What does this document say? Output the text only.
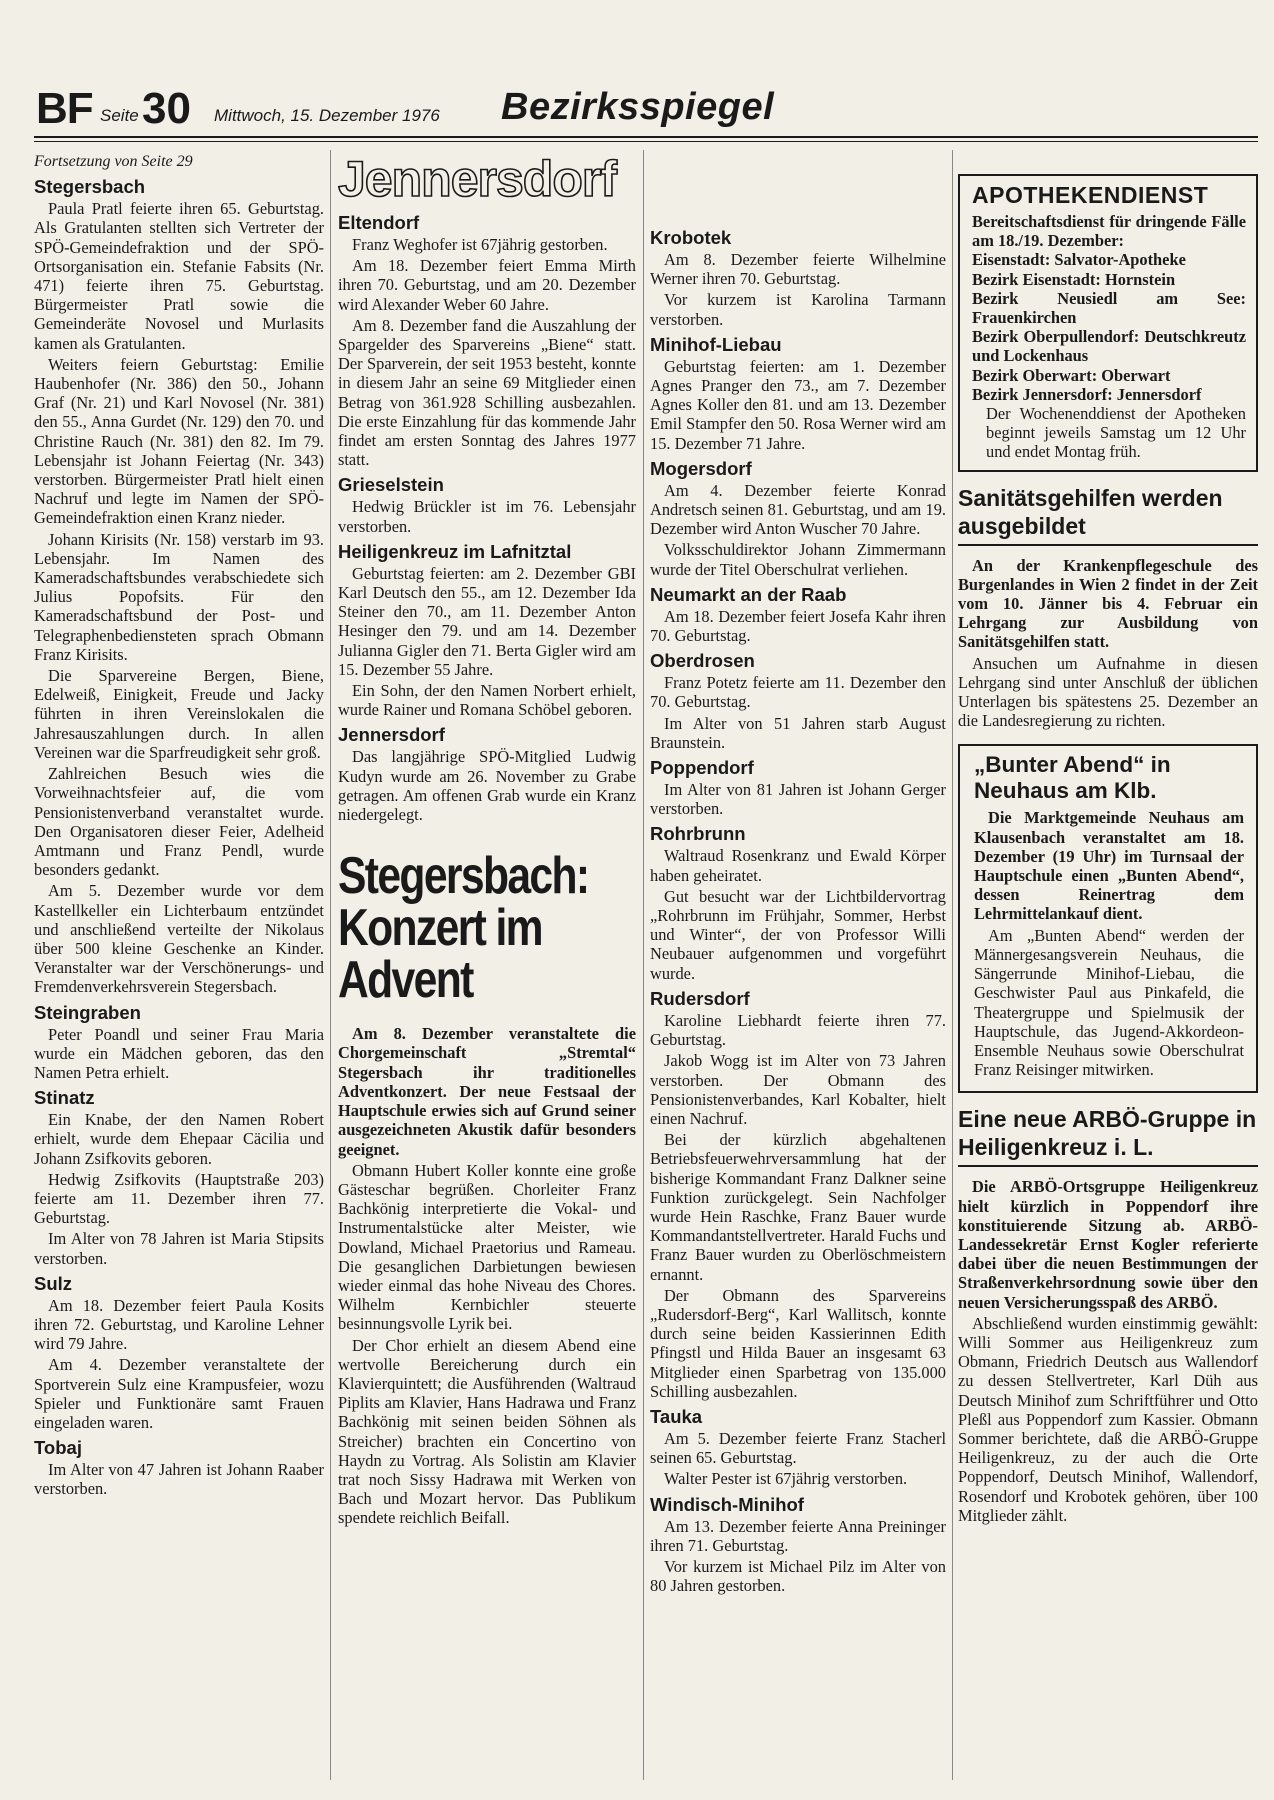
BF Seite 30 Mittwoch, 15. Dezember 1976 Bezirksspiegel
Fortsetzung von Seite 29
Stegersbach

Paula Pratl feierte ihren 65. Geburtstag. Als Gratulanten stellten sich Vertreter der SPÖ-Gemeindefraktion und der SPÖ-Ortsorganisation ein. Stefanie Fabsits (Nr. 471) feierte ihren 75. Geburtstag. Bürgermeister Pratl sowie die Gemeinderäte Novosel und Murlasits kamen als Gratulanten.

Weiters feiern Geburtstag: Emilie Haubenhofer (Nr. 386) den 50., Johann Graf (Nr. 21) und Karl Novosel (Nr. 381) den 55., Anna Gurdet (Nr. 129) den 70. und Christine Rauch (Nr. 381) den 82. Im 79. Lebensjahr ist Johann Feiertag (Nr. 343) verstorben. Bürgermeister Pratl hielt einen Nachruf und legte im Namen der SPÖ-Gemeindefraktion einen Kranz nieder.

Johann Kirisits (Nr. 158) verstarb im 93. Lebensjahr. Im Namen des Kameradschaftsbundes verabschiedete sich Julius Popofsits. Für den Kameradschaftsbund der Post- und Telegraphenbediensteten sprach Obmann Franz Kirisits.

Die Sparvereine Bergen, Biene, Edelweiß, Einigkeit, Freude und Jacky führten in ihren Vereinslokalen die Jahresauszahlungen durch. In allen Vereinen war die Sparfreudigkeit sehr groß.

Zahlreichen Besuch wies die Vorweihnachtsfeier auf, die vom Pensionistenverband veranstaltet wurde. Den Organisatoren dieser Feier, Adelheid Amtmann und Franz Pendl, wurde besonders gedankt.

Am 5. Dezember wurde vor dem Kastellkeller ein Lichterbaum entzündet und anschließend verteilte der Nikolaus über 500 kleine Geschenke an Kinder. Veranstalter war der Verschönerungs- und Fremdenverkehrsverein Stegersbach.

Steingraben

Peter Poandl und seiner Frau Maria wurde ein Mädchen geboren, das den Namen Petra erhielt.

Stinatz

Ein Knabe, der den Namen Robert erhielt, wurde dem Ehepaar Cäcilia und Johann Zsifkovits geboren.

Hedwig Zsifkovits (Hauptstraße 203) feierte am 11. Dezember ihren 77. Geburtstag.

Im Alter von 78 Jahren ist Maria Stipsits verstorben.

Sulz

Am 18. Dezember feiert Paula Kosits ihren 72. Geburtstag, und Karoline Lehner wird 79 Jahre.

Am 4. Dezember veranstaltete der Sportverein Sulz eine Krampusfeier, wozu Spieler und Funktionäre samt Frauen eingeladen waren.

Tobaj

Im Alter von 47 Jahren ist Johann Raaber verstorben.

Jennersdorf
Eltendorf

Franz Weghofer ist 67jährig gestorben.

Am 18. Dezember feiert Emma Mirth ihren 70. Geburtstag, und am 20. Dezember wird Alexander Weber 60 Jahre.

Am 8. Dezember fand die Auszahlung der Spargelder des Sparvereins „Biene“ statt. Der Sparverein, der seit 1953 besteht, konnte in diesem Jahr an seine 69 Mitglieder einen Betrag von 361.928 Schilling ausbezahlen. Die erste Einzahlung für das kommende Jahr findet am ersten Sonntag des Jahres 1977 statt.

Grieselstein

Hedwig Brückler ist im 76. Lebensjahr verstorben.

Heiligenkreuz im Lafnitztal

Geburtstag feierten: am 2. Dezember GBI Karl Deutsch den 55., am 12. Dezember Ida Steiner den 70., am 11. Dezember Anton Hesinger den 79. und am 14. Dezember Julianna Gigler den 71. Berta Gigler wird am 15. Dezember 55 Jahre.

Ein Sohn, der den Namen Norbert erhielt, wurde Rainer und Romana Schöbel geboren.

Jennersdorf

Das langjährige SPÖ-Mitglied Ludwig Kudyn wurde am 26. November zu Grabe getragen. Am offenen Grab wurde ein Kranz niedergelegt.

Stegersbach: Konzert im Advent

Am 8. Dezember veranstaltete die Chorgemeinschaft „Stremtal“ Stegersbach ihr traditionelles Adventkonzert. Der neue Festsaal der Hauptschule erwies sich auf Grund seiner ausgezeichneten Akustik dafür besonders geeignet.

Obmann Hubert Koller konnte eine große Gästeschar begrüßen. Chorleiter Franz Bachkönig interpretierte die Vokal- und Instrumentalstücke alter Meister, wie Dowland, Michael Praetorius und Rameau. Die gesanglichen Darbietungen bewiesen wieder einmal das hohe Niveau des Chores. Wilhelm Kernbichler steuerte besinnungsvolle Lyrik bei.

Der Chor erhielt an diesem Abend eine wertvolle Bereicherung durch ein Klavierquintett; die Ausführenden (Waltraud Piplits am Klavier, Hans Hadrawa und Franz Bachkönig mit seinen beiden Söhnen als Streicher) brachten ein Concertino von Haydn zu Vortrag. Als Solistin am Klavier trat noch Sissy Hadrawa mit Werken von Bach und Mozart hervor. Das Publikum spendete reichlich Beifall.

Krobotek

Am 8. Dezember feierte Wilhelmine Werner ihren 70. Geburtstag.

Vor kurzem ist Karolina Tarmann verstorben.

Minihof-Liebau

Geburtstag feierten: am 1. Dezember Agnes Pranger den 73., am 7. Dezember Agnes Koller den 81. und am 13. Dezember Emil Stampfer den 50. Rosa Werner wird am 15. Dezember 71 Jahre.

Mogersdorf

Am 4. Dezember feierte Konrad Andretsch seinen 81. Geburtstag, und am 19. Dezember wird Anton Wuscher 70 Jahre.

Volksschuldirektor Johann Zimmermann wurde der Titel Oberschulrat verliehen.

Neumarkt an der Raab

Am 18. Dezember feiert Josefa Kahr ihren 70. Geburtstag.

Oberdrosen

Franz Potetz feierte am 11. Dezember den 70. Geburtstag.

Im Alter von 51 Jahren starb August Braunstein.

Poppendorf

Im Alter von 81 Jahren ist Johann Gerger verstorben.

Rohrbrunn

Waltraud Rosenkranz und Ewald Körper haben geheiratet.

Gut besucht war der Lichtbildervortrag „Rohrbrunn im Frühjahr, Sommer, Herbst und Winter“, der von Professor Willi Neubauer aufgenommen und vorgeführt wurde.

Rudersdorf

Karoline Liebhardt feierte ihren 77. Geburtstag.

Jakob Wogg ist im Alter von 73 Jahren verstorben. Der Obmann des Pensionistenverbandes, Karl Kobalter, hielt einen Nachruf.

Bei der kürzlich abgehaltenen Betriebsfeuerwehrversammlung hat der bisherige Kommandant Franz Dalkner seine Funktion zurückgelegt. Sein Nachfolger wurde Hein Raschke, Franz Bauer wurde Kommandantstellvertreter. Harald Fuchs und Franz Bauer wurden zu Oberlöschmeistern ernannt.

Der Obmann des Sparvereins „Rudersdorf-Berg“, Karl Wallitsch, konnte durch seine beiden Kassierinnen Edith Pfingstl und Hilda Bauer an insgesamt 63 Mitglieder einen Sparbetrag von 135.000 Schilling ausbezahlen.

Tauka

Am 5. Dezember feierte Franz Stacherl seinen 65. Geburtstag.

Walter Pester ist 67jährig verstorben.

Windisch-Minihof

Am 13. Dezember feierte Anna Preininger ihren 71. Geburtstag.

Vor kurzem ist Michael Pilz im Alter von 80 Jahren gestorben.

APOTHEKENDIENST

Bereitschaftsdienst für dringende Fälle am 18./19. Dezember:

Eisenstadt: Salvator-Apotheke

Bezirk Eisenstadt: Hornstein

Bezirk Neusiedl am See: Frauenkirchen

Bezirk Oberpullendorf: Deutschkreutz und Lockenhaus

Bezirk Oberwart: Oberwart

Bezirk Jennersdorf: Jennersdorf

Der Wochenenddienst der Apotheken beginnt jeweils Samstag um 12 Uhr und endet Montag früh.

Sanitätsgehilfen werden ausgebildet

An der Krankenpflegeschule des Burgenlandes in Wien 2 findet in der Zeit vom 10. Jänner bis 4. Februar ein Lehrgang zur Ausbildung von Sanitätsgehilfen statt.

Ansuchen um Aufnahme in diesen Lehrgang sind unter Anschluß der üblichen Unterlagen bis spätestens 25. Dezember an die Landesregierung zu richten.

„Bunter Abend“ in Neuhaus am Klb.

Die Marktgemeinde Neuhaus am Klausenbach veranstaltet am 18. Dezember (19 Uhr) im Turnsaal der Hauptschule einen „Bunten Abend“, dessen Reinertrag dem Lehrmittelankauf dient.

Am „Bunten Abend“ werden der Männergesangsverein Neuhaus, die Sängerrunde Minihof-Liebau, die Geschwister Paul aus Pinkafeld, die Theatergruppe und Spielmusik der Hauptschule, das Jugend-Akkordeon-Ensemble Neuhaus sowie Oberschulrat Franz Reisinger mitwirken.

Eine neue ARBÖ-Gruppe in Heiligenkreuz i. L.

Die ARBÖ-Ortsgruppe Heiligenkreuz hielt kürzlich in Poppendorf ihre konstituierende Sitzung ab. ARBÖ-Landessekretär Ernst Kogler referierte dabei über die neuen Bestimmungen der Straßenverkehrsordnung sowie über den neuen Versicherungsspaß des ARBÖ.

Abschließend wurden einstimmig gewählt: Willi Sommer aus Heiligenkreuz zum Obmann, Friedrich Deutsch aus Wallendorf zu dessen Stellvertreter, Karl Düh aus Deutsch Minihof zum Schriftführer und Otto Pleßl aus Poppendorf zum Kassier. Obmann Sommer berichtete, daß die ARBÖ-Gruppe Heiligenkreuz, zu der auch die Orte Poppendorf, Deutsch Minihof, Wallendorf, Rosendorf und Krobotek gehören, über 100 Mitglieder zählt.
